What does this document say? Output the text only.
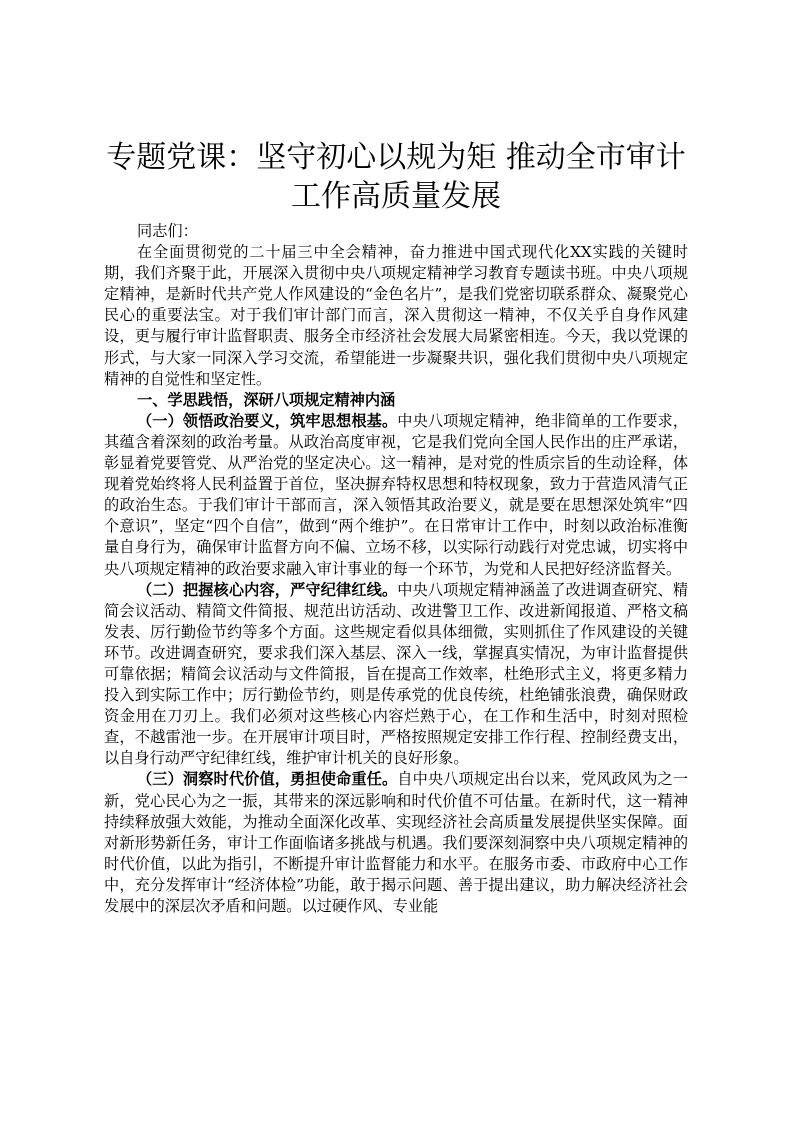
专题党课：坚守初心以规为矩 推动全市审计
工作高质量发展

同志们：

在全面贯彻党的二十届三中全会精神，奋力推进中国式现代化XX实践的关键时期，我们齐聚于此，开展深入贯彻中央八项规定精神学习教育专题读书班。中央八项规定精神，是新时代共产党人作风建设的“金色名片”，是我们党密切联系群众、凝聚党心民心的重要法宝。对于我们审计部门而言，深入贯彻这一精神，不仅关乎自身作风建设，更与履行审计监督职责、服务全市经济社会发展大局紧密相连。今天，我以党课的形式，与大家一同深入学习交流，希望能进一步凝聚共识，强化我们贯彻中央八项规定精神的自觉性和坚定性。

一、学思践悟，深研八项规定精神内涵

（一）领悟政治要义，筑牢思想根基。中央八项规定精神，绝非简单的工作要求，其蕴含着深刻的政治考量。从政治高度审视，它是我们党向全国人民作出的庄严承诺，彰显着党要管党、从严治党的坚定决心。这一精神，是对党的性质宗旨的生动诠释，体现着党始终将人民利益置于首位，坚决摒弃特权思想和特权现象，致力于营造风清气正的政治生态。于我们审计干部而言，深入领悟其政治要义，就是要在思想深处筑牢“四个意识”，坚定“四个自信”，做到“两个维护”。在日常审计工作中，时刻以政治标准衡量自身行为，确保审计监督方向不偏、立场不移，以实际行动践行对党忠诚，切实将中央八项规定精神的政治要求融入审计事业的每一个环节，为党和人民把好经济监督关。

（二）把握核心内容，严守纪律红线。中央八项规定精神涵盖了改进调查研究、精简会议活动、精简文件简报、规范出访活动、改进警卫工作、改进新闻报道、严格文稿发表、厉行勤俭节约等多个方面。这些规定看似具体细微，实则抓住了作风建设的关键环节。改进调查研究，要求我们深入基层、深入一线，掌握真实情况，为审计监督提供可靠依据；精简会议活动与文件简报，旨在提高工作效率，杜绝形式主义，将更多精力投入到实际工作中；厉行勤俭节约，则是传承党的优良传统，杜绝铺张浪费，确保财政资金用在刀刃上。我们必须对这些核心内容烂熟于心，在工作和生活中，时刻对照检查，不越雷池一步。在开展审计项目时，严格按照规定安排工作行程、控制经费支出，以自身行动严守纪律红线，维护审计机关的良好形象。

（三）洞察时代价值，勇担使命重任。自中央八项规定出台以来，党风政风为之一新，党心民心为之一振，其带来的深远影响和时代价值不可估量。在新时代，这一精神持续释放强大效能，为推动全面深化改革、实现经济社会高质量发展提供坚实保障。面对新形势新任务，审计工作面临诸多挑战与机遇。我们要深刻洞察中央八项规定精神的时代价值，以此为指引，不断提升审计监督能力和水平。在服务市委、市政府中心工作中，充分发挥审计“经济体检”功能，敢于揭示问题、善于提出建议，助力解决经济社会发展中的深层次矛盾和问题。以过硬作风、专业能
